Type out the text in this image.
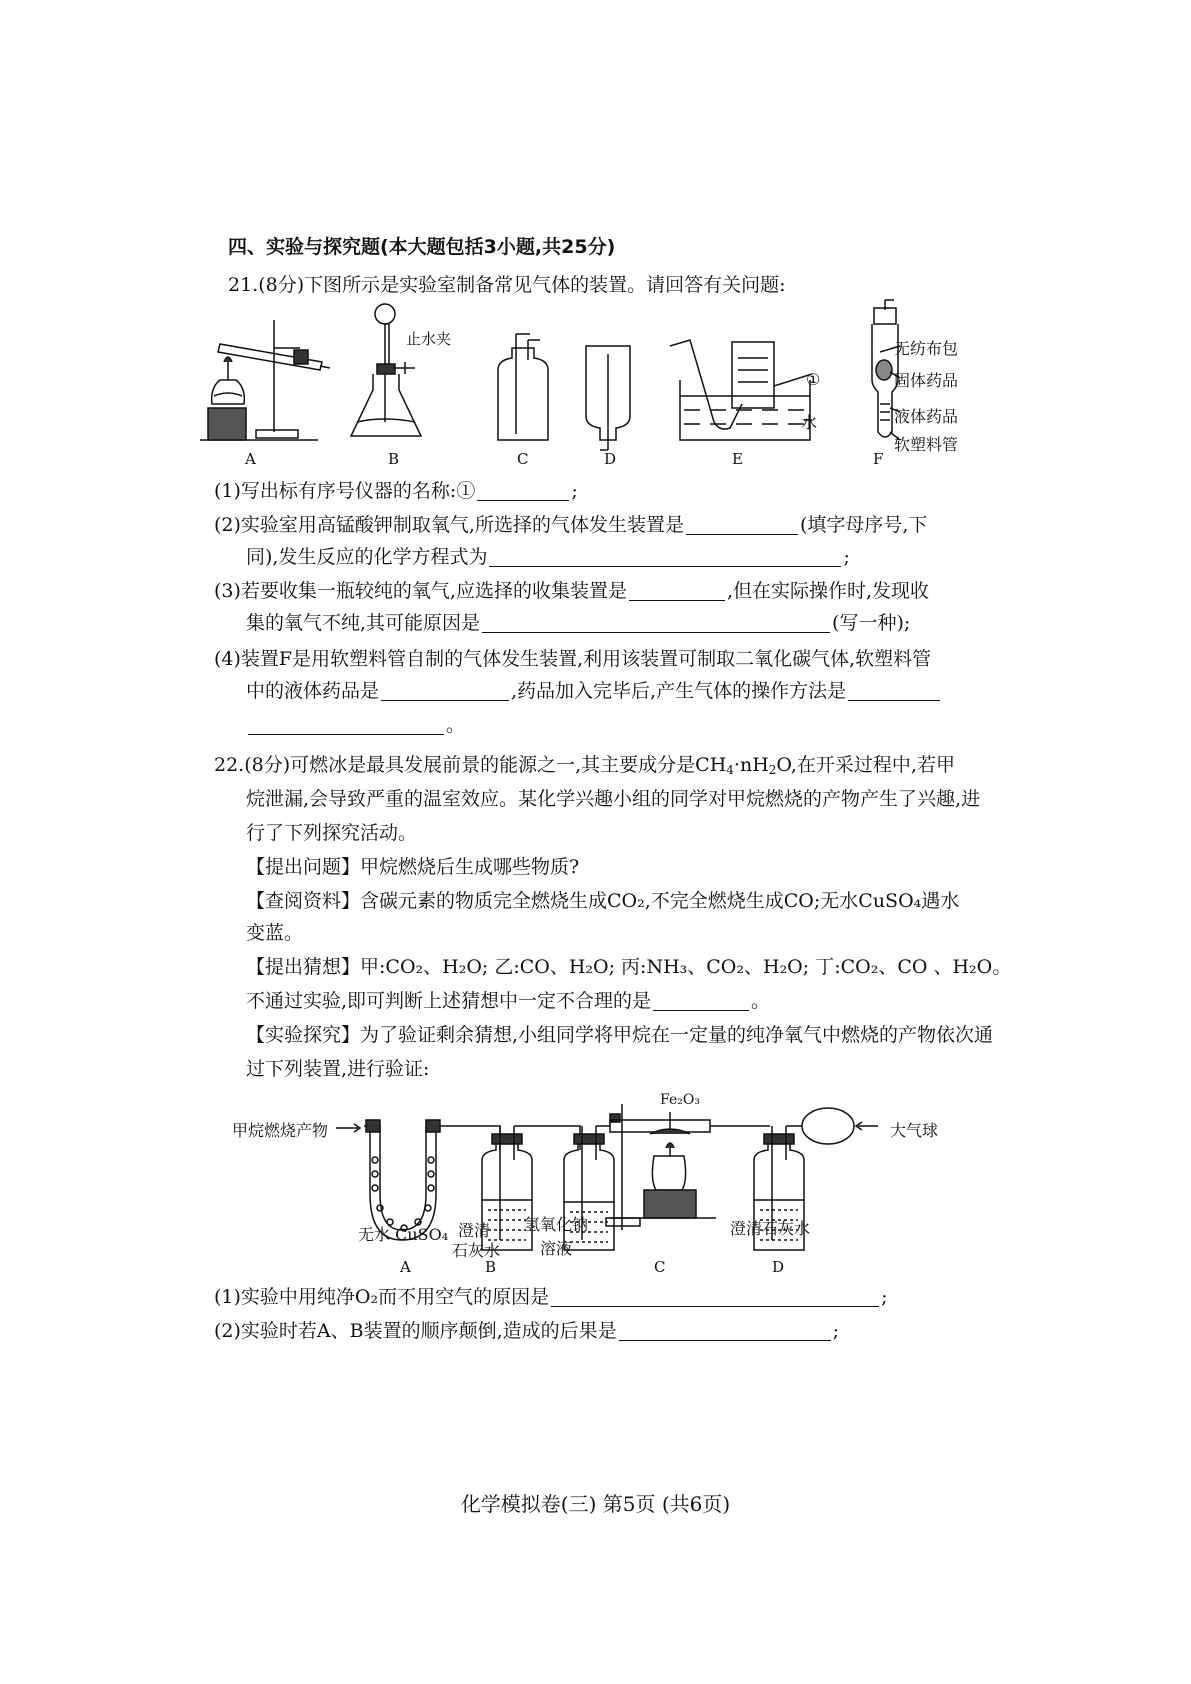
四、实验与探究题(本大题包括3小题,共25分)
21.(8分)下图所示是实验室制备常见气体的装置。请回答有关问题:
止水夹
①
水
无纺布包
固体药品
液体药品
软塑料管
A	B	C	D	E	F
(1)写出标有序号仪器的名称:①	;
(2)实验室用高锰酸钾制取氧气,所选择的气体发生装置是	(填字母序号,下
同),发生反应的化学方程式为	;
(3)若要收集一瓶较纯的氧气,应选择的收集装置是	,但在实际操作时,发现收
集的氧气不纯,其可能原因是	(写一种);
(4)装置F是用软塑料管自制的气体发生装置,利用该装置可制取二氧化碳气体,软塑料管
中的液体药品是	,药品加入完毕后,产生气体的操作方法是
。
22.(8分)可燃冰是最具发展前景的能源之一,其主要成分是$CH_4\cdot nH_2O$,在开采过程中,若甲
烷泄漏,会导致严重的温室效应。某化学兴趣小组的同学对甲烷燃烧的产物产生了兴趣,进
行了下列探究活动。
【提出问题】甲烷燃烧后生成哪些物质?
【查阅资料】含碳元素的物质完全燃烧生成CO₂,不完全燃烧生成CO;无水CuSO₄遇水
变蓝。
【提出猜想】甲:CO₂、H₂O; 乙:CO、H₂O; 丙:NH₃、CO₂、H₂O; 丁:CO₂、CO 、H₂O。
不通过实验,即可判断上述猜想中一定不合理的是	。
【实验探究】为了验证剩余猜想,小组同学将甲烷在一定量的纯净氧气中燃烧的产物依次通
过下列装置,进行验证:
甲烷燃烧产物	大气球
Fe₂O₃
无水 CuSO₄ 澄清
石灰水
氢氧化钠
溶液
澄清石灰水
A	B	C	D
(1)实验中用纯净O₂而不用空气的原因是	;
(2)实验时若A、B装置的顺序颠倒,造成的后果是	;
化学模拟卷(三) 第5页 (共6页)
